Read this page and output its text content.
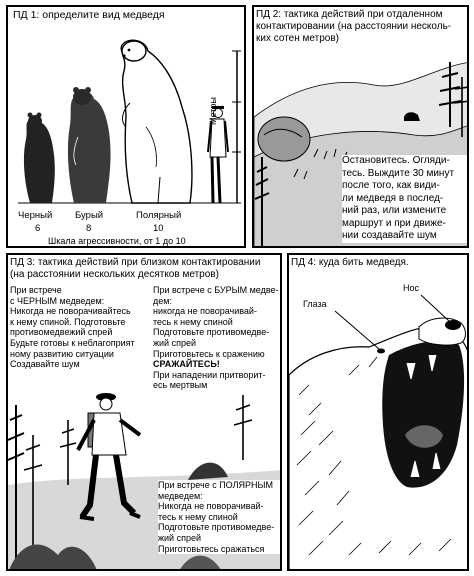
ПД 1: определите вид медведя
Метры
Черный
6
Бурый
8
Полярный
10
Шкала агрессивности, от 1 до 10
ПД 2: тактика действий при отдаленном
контактировании (на расстоянии несколь-
ких сотен метров)
Остановитесь. Огляди-
тесь. Выждите 30 минут
после того, как види-
ли медведя в послед-
ний раз, или измените
маршрут и при движе-
нии создавайте шум
ПД 3: тактика действий при близком контактировании
(на расстоянии нескольких десятков метров)
При встрече
с ЧЕРНЫМ медведем:
Никогда не поворачивайтесь
к нему спиной. Подготовьте
противомедвежий спрей
Будьте готовы к неблагоприят
ному развитию ситуации
Создавайте шум
При встрече с БУРЫМ медве-
дем:
никогда не поворачивай-
тесь к нему спиной
Подготовьте противомедве-
жий спрей
Приготовьтесь к сражению
СРАЖАЙТЕСЬ!
При нападении притворит-
есь мертвым
При встрече с ПОЛЯРНЫМ
медведем:
Никогда не поворачивай-
тесь к нему спиной
Подготовьте противомедве-
жий спрей
Приготовьтесь сражаться
ПД 4: куда бить медведя.
Глаза
Нос
